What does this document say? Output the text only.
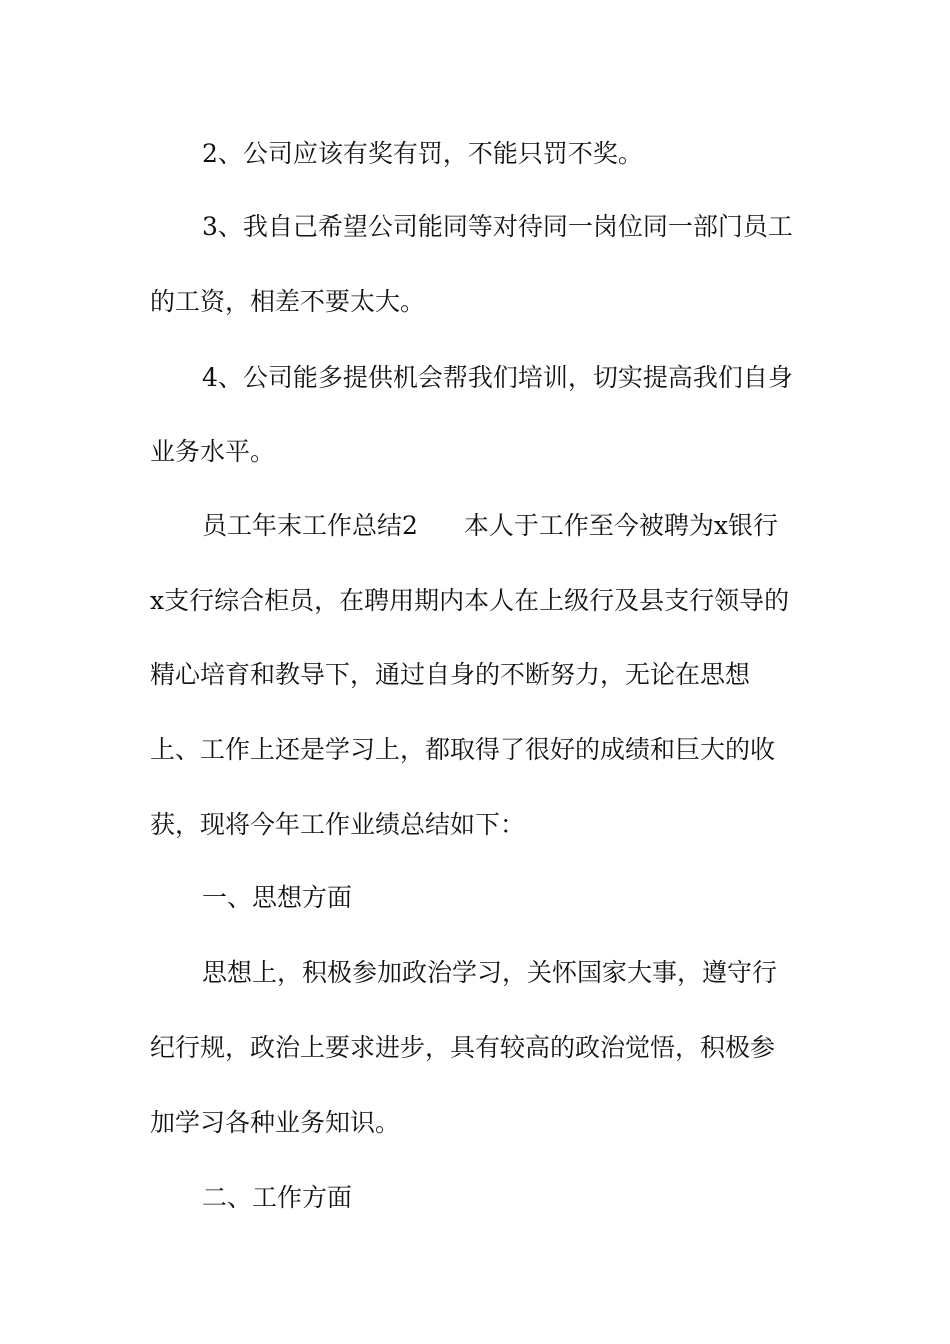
2、公司应该有奖有罚，不能只罚不奖。
3、我自己希望公司能同等对待同一岗位同一部门员工
的工资，相差不要太大。
4、公司能多提供机会帮我们培训，切实提高我们自身
业务水平。
员工年末工作总结2 本人于工作至今被聘为x银行
x支行综合柜员，在聘用期内本人在上级行及县支行领导的
精心培育和教导下，通过自身的不断努力，无论在思想
上、工作上还是学习上，都取得了很好的成绩和巨大的收
获，现将今年工作业绩总结如下：
一、思想方面
思想上，积极参加政治学习，关怀国家大事，遵守行
纪行规，政治上要求进步，具有较高的政治觉悟，积极参
加学习各种业务知识。
二、工作方面
